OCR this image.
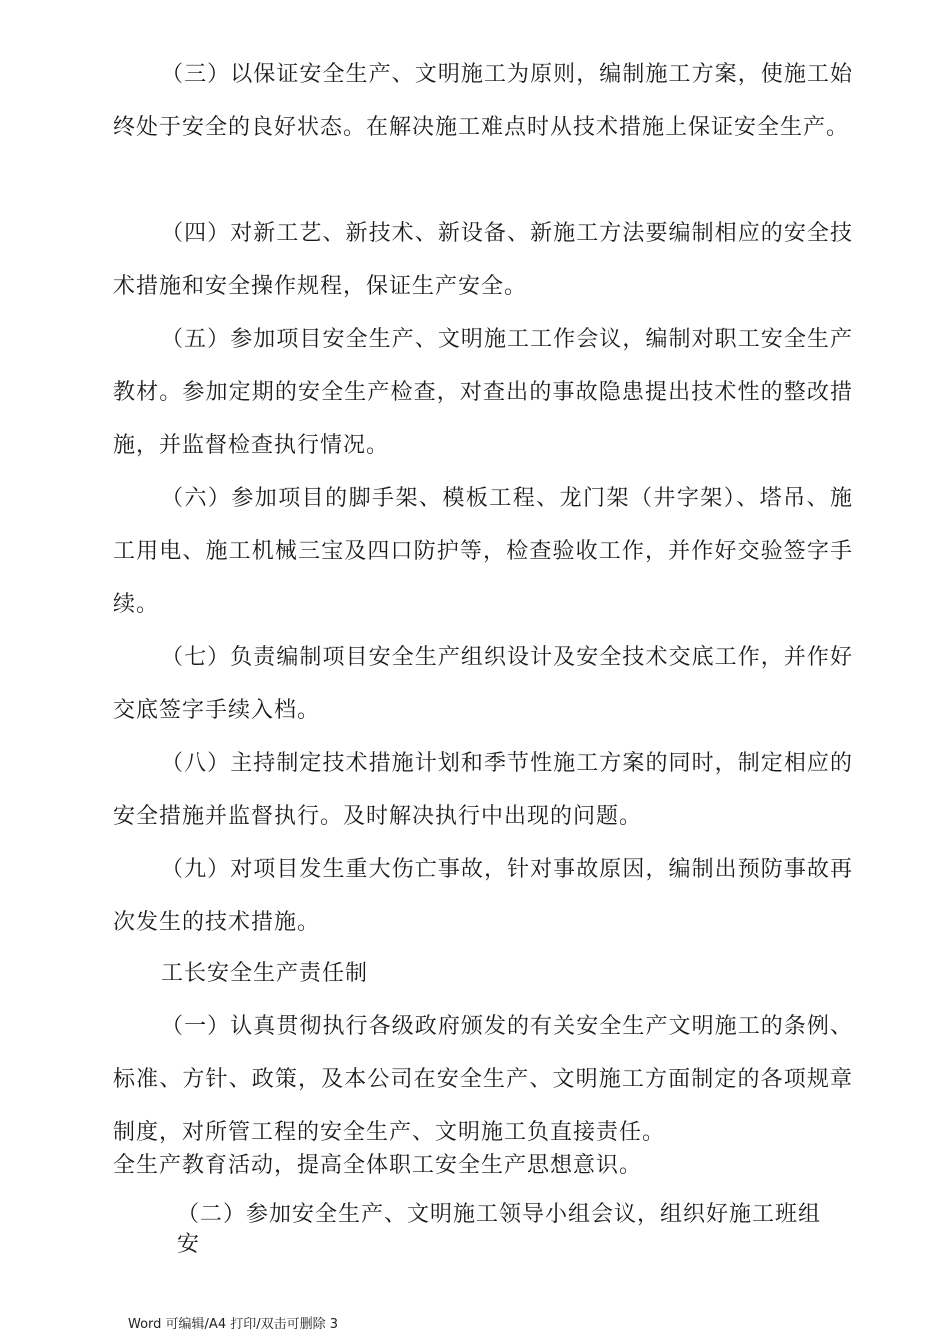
（三）以保证安全生产、文明施工为原则，编制施工方案，使施工始终处于安全的良好状态。在解决施工难点时从技术措施上保证安全生产。

（四）对新工艺、新技术、新设备、新施工方法要编制相应的安全技术措施和安全操作规程，保证生产安全。

（五）参加项目安全生产、文明施工工作会议，编制对职工安全生产教材。参加定期的安全生产检查，对查出的事故隐患提出技术性的整改措施，并监督检查执行情况。

（六）参加项目的脚手架、模板工程、龙门架（井字架）、塔吊、施工用电、施工机械三宝及四口防护等，检查验收工作，并作好交验签字手续。

（七）负责编制项目安全生产组织设计及安全技术交底工作，并作好交底签字手续入档。

（八）主持制定技术措施计划和季节性施工方案的同时，制定相应的安全措施并监督执行。及时解决执行中出现的问题。

（九）对项目发生重大伤亡事故，针对事故原因，编制出预防事故再次发生的技术措施。

工长安全生产责任制

（一）认真贯彻执行各级政府颁发的有关安全生产文明施工的条例、标准、方针、政策，及本公司在安全生产、文明施工方面制定的各项规章制度，对所管工程的安全生产、文明施工负直接责任。

全生产教育活动，提高全体职工安全生产思想意识。

（二）参加安全生产、文明施工领导小组会议，组织好施工班组安

Word 可编辑/A4 打印/双击可删除 3
